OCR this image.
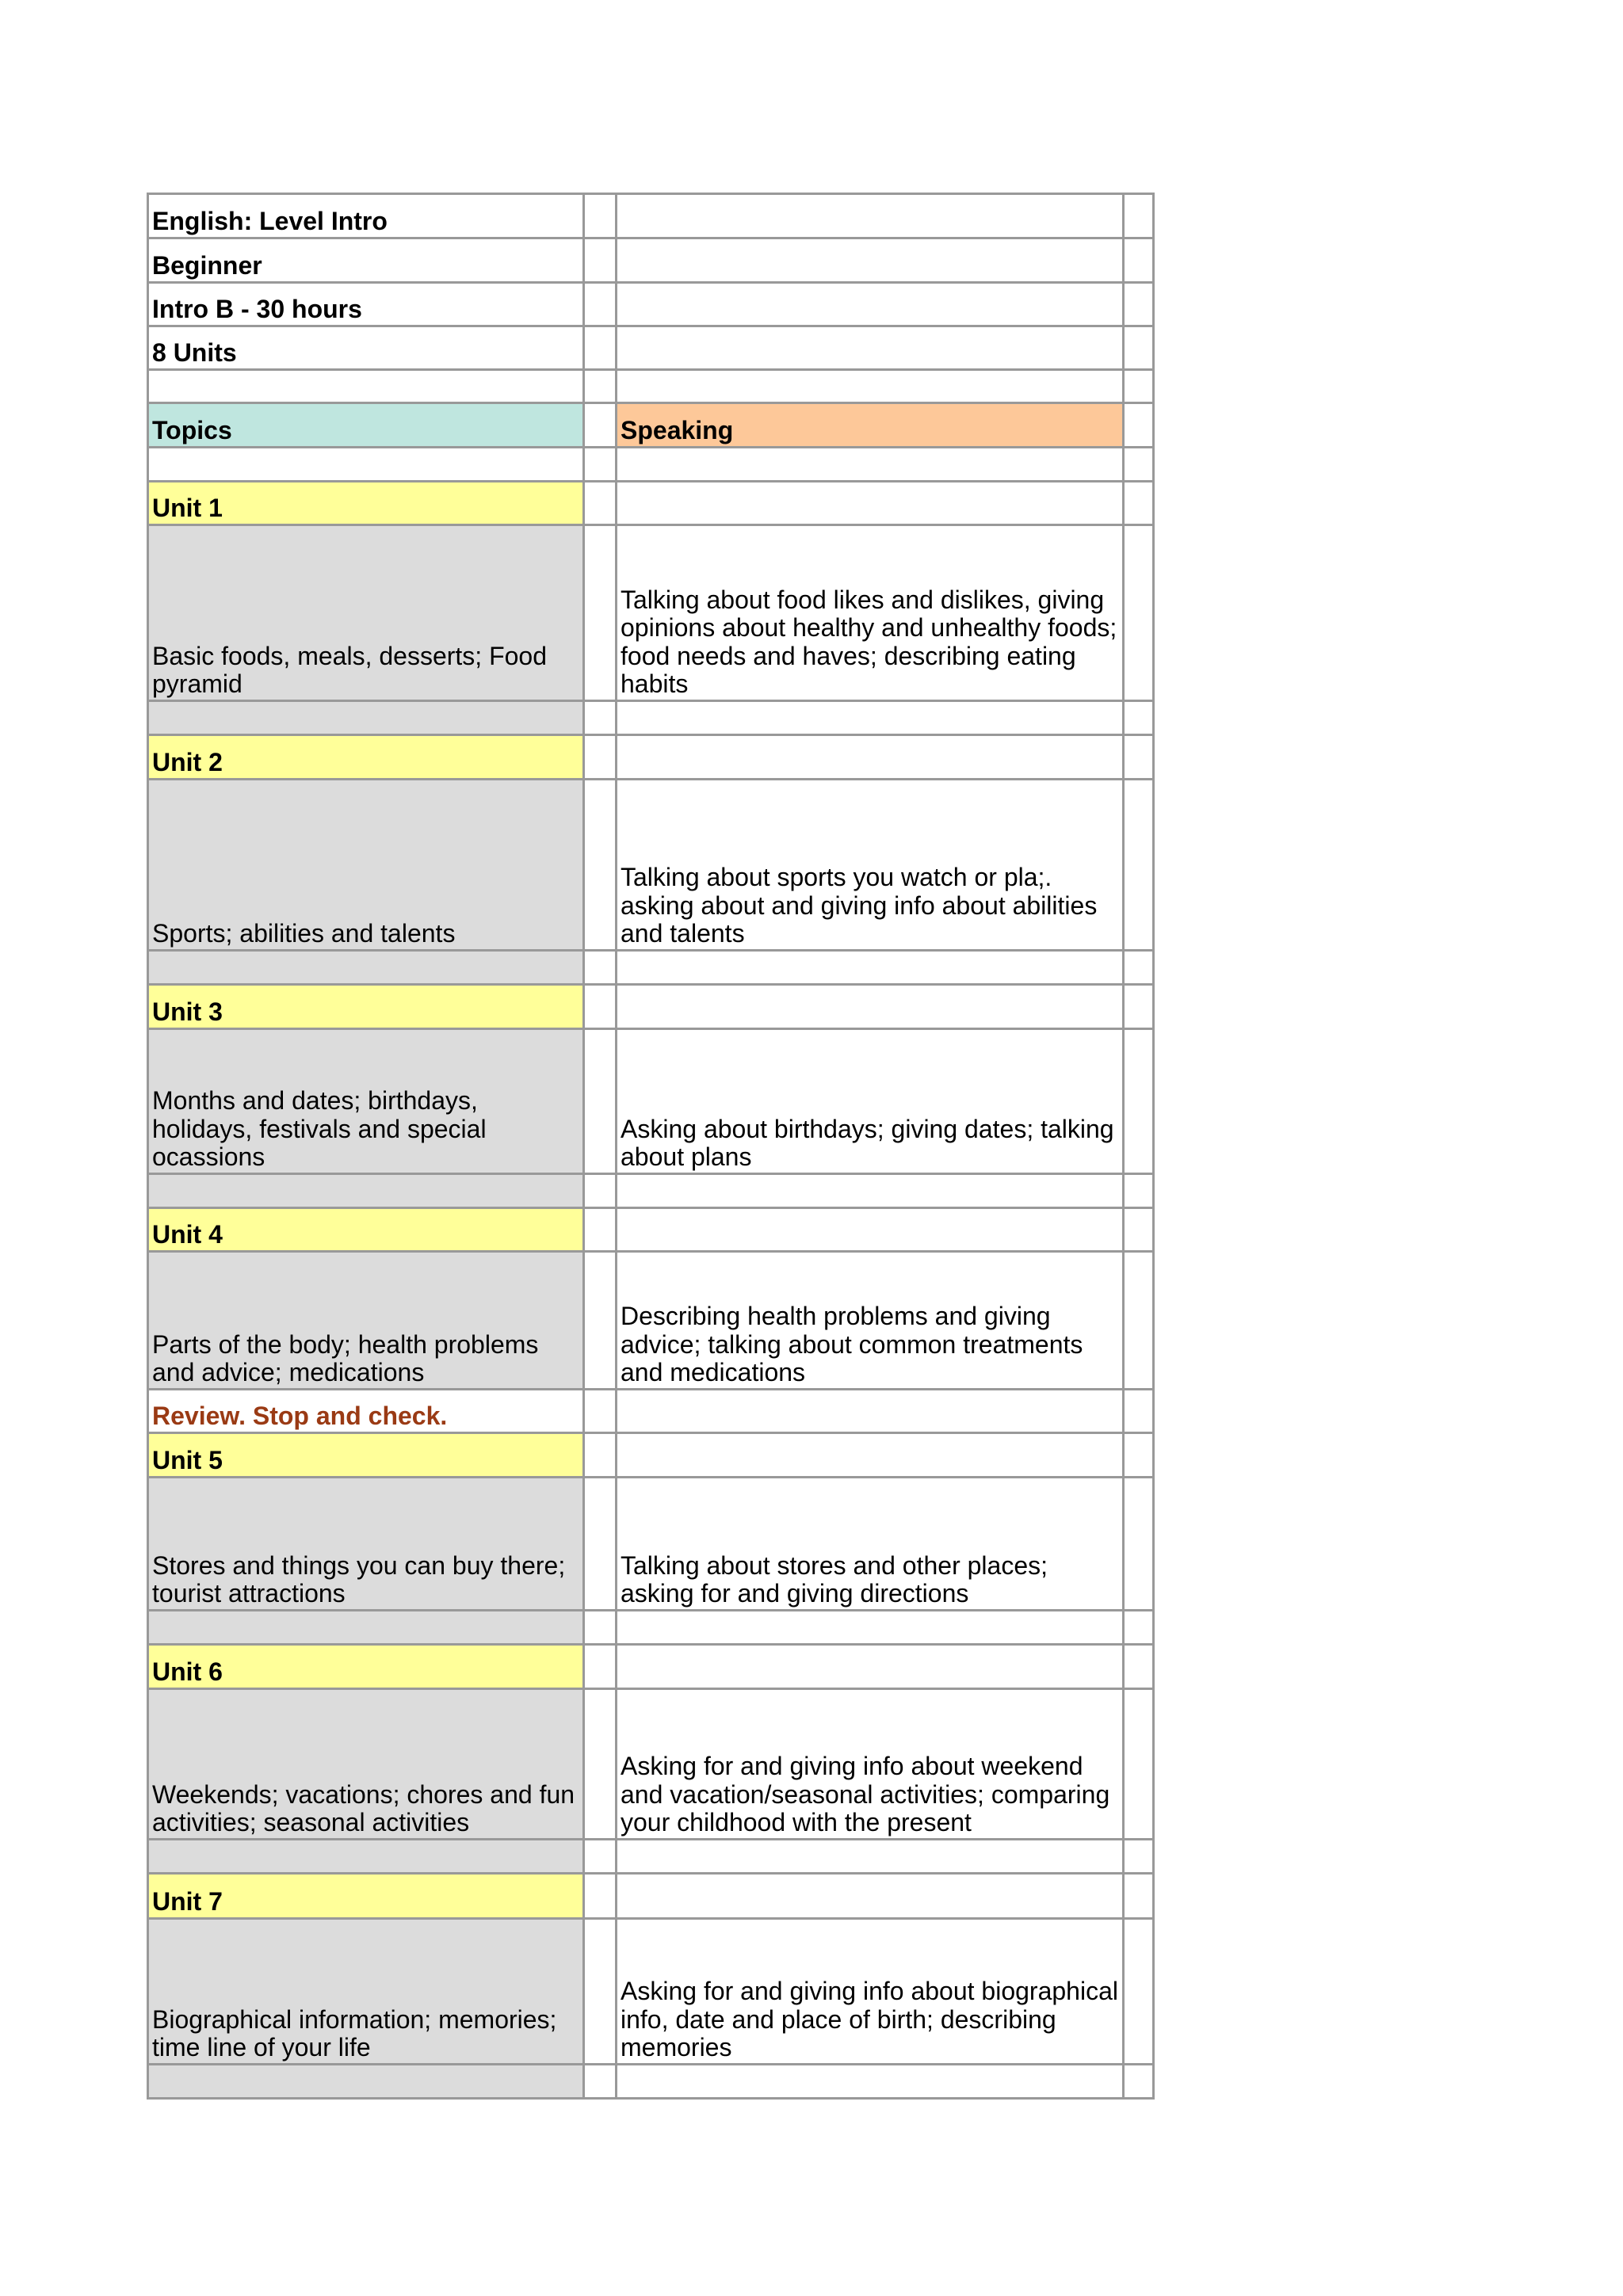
English: Level Intro			
Beginner			
Intro B - 30 hours			
8 Units			

Topics		Speaking	

Unit 1			
Basic foods, meals, desserts; Food pyramid		Talking about food likes and dislikes, giving opinions about healthy and unhealthy foods; food needs and haves; describing eating habits	

Unit 2			
Sports; abilities and talents		Talking about sports you watch or pla;. asking about and giving info about abilities and talents	

Unit 3			
Months and dates; birthdays, holidays, festivals and special ocassions		Asking about birthdays; giving dates; talking about plans	

Unit 4			
Parts of the body; health problems and advice; medications		Describing health problems and giving advice; talking about common treatments and medications	
Review. Stop and check.			
Unit 5			
Stores and things you can buy there; tourist attractions		Talking about stores and other places; asking for and giving directions	

Unit 6			
Weekends; vacations; chores and fun activities; seasonal activities		Asking for and giving info about weekend and vacation/seasonal activities; comparing your childhood with the present	

Unit 7			
Biographical information; memories; time line of your life		Asking for and giving info about biographical info, date and place of birth; describing memories	
